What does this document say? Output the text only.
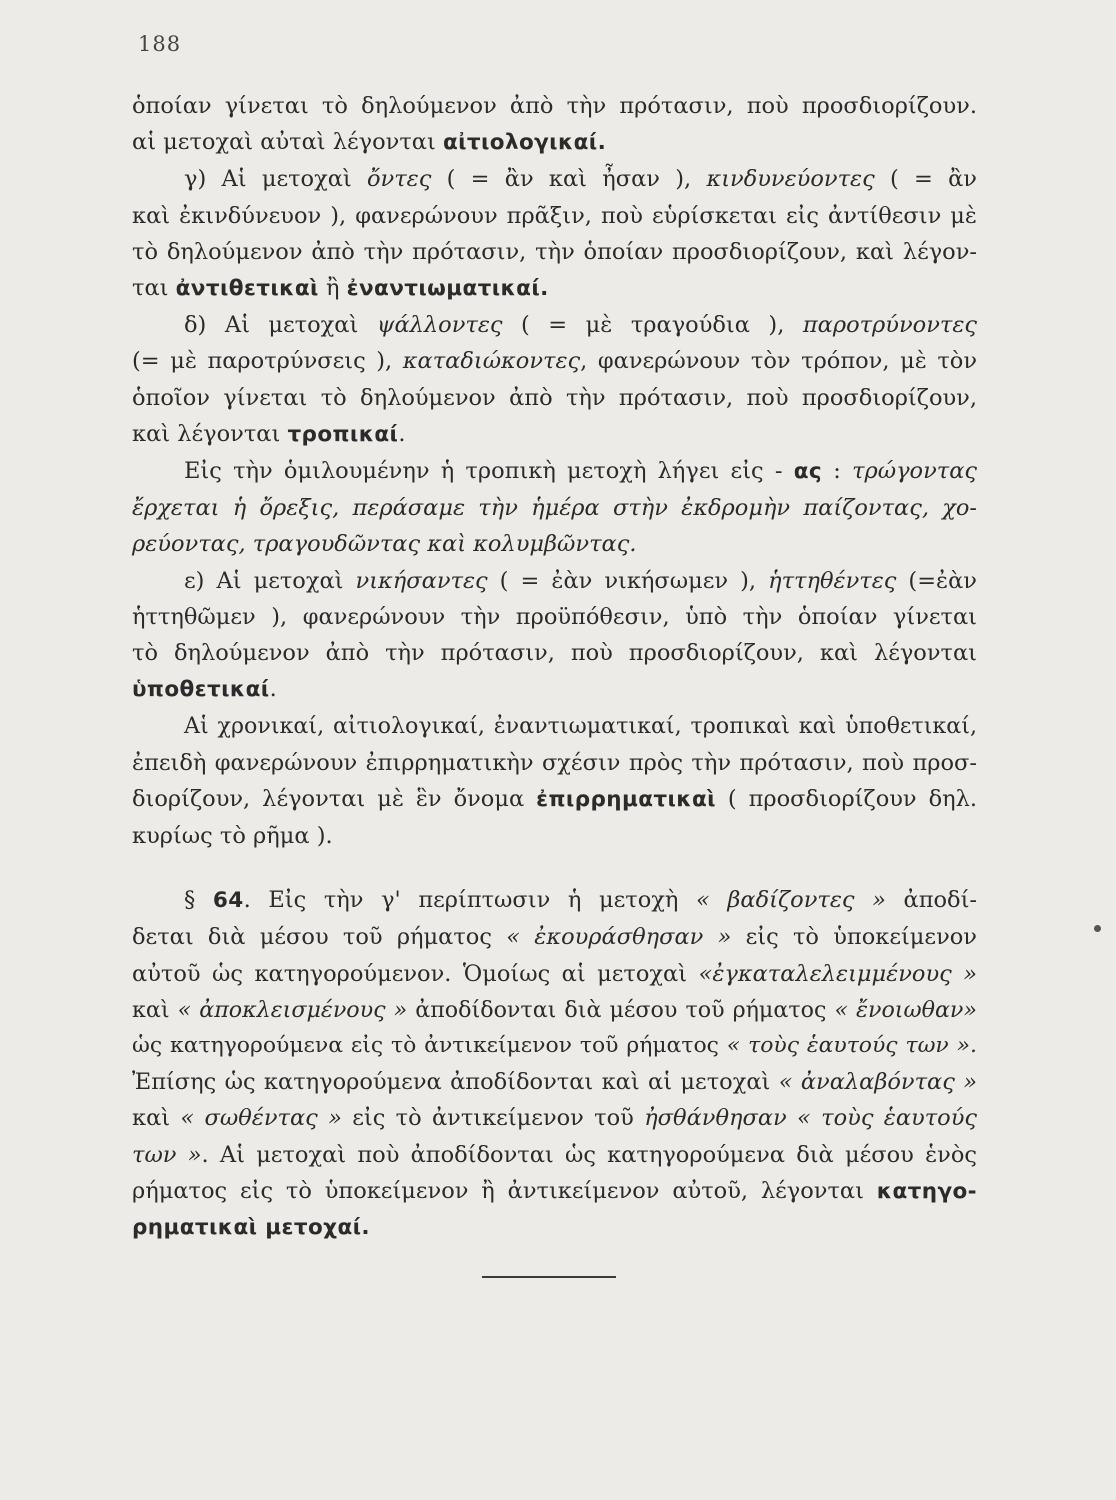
188
ὁποίαν γίνεται τὸ δηλούμενον ἀπὸ τὴν πρότασιν, ποὺ προσδιορίζουν.
αἱ μετοχαὶ αὐταὶ λέγονται αἰτιολογικαί.
γ) Αἱ μετοχαὶ ὄντες ( = ἂν καὶ ἦσαν ), κινδυνεύοντες ( = ἂν
καὶ ἐκινδύνευον ), φανερώνουν πρᾶξιν, ποὺ εὑρίσκεται εἰς ἀντίθεσιν μὲ
τὸ δηλούμενον ἀπὸ τὴν πρότασιν, τὴν ὁποίαν προσδιορίζουν, καὶ λέγον-
ται ἀντιθετικαὶ ἢ ἐναντιωματικαί.
δ) Αἱ μετοχαὶ ψάλλοντες ( = μὲ τραγούδια ), παροτρύνοντες
(= μὲ παροτρύνσεις ), καταδιώκοντες, φανερώνουν τὸν τρόπον, μὲ τὸν
ὁποῖον γίνεται τὸ δηλούμενον ἀπὸ τὴν πρότασιν, ποὺ προσδιορίζουν,
καὶ λέγονται τροπικαί.
Εἰς τὴν ὁμιλουμένην ἡ τροπικὴ μετοχὴ λήγει εἰς - ας : τρώγοντας
ἔρχεται ἡ ὄρεξις, περάσαμε τὴν ἡμέρα στὴν ἐκδρομὴν παίζοντας, χο-
ρεύοντας, τραγουδῶντας καὶ κολυμβῶντας.
ε) Αἱ μετοχαὶ νικήσαντες ( = ἐὰν νικήσωμεν ), ἡττηθέντες (=ἐὰν
ἡττηθῶμεν ), φανερώνουν τὴν προϋπόθεσιν, ὑπὸ τὴν ὁποίαν γίνεται
τὸ δηλούμενον ἀπὸ τὴν πρότασιν, ποὺ προσδιορίζουν, καὶ λέγονται
ὑποθετικαί.
Αἱ χρονικαί, αἰτιολογικαί, ἐναντιωματικαί, τροπικαὶ καὶ ὑποθετικαί,
ἐπειδὴ φανερώνουν ἐπιρρηματικὴν σχέσιν πρὸς τὴν πρότασιν, ποὺ προσ-
διορίζουν, λέγονται μὲ ἓν ὄνομα ἐπιρρηματικαὶ ( προσδιορίζουν δηλ.
κυρίως τὸ ρῆμα ).
§ 64. Εἰς τὴν γ' περίπτωσιν ἡ μετοχὴ « βαδίζοντες » ἀποδί-
δεται διὰ μέσου τοῦ ρήματος « ἐκουράσθησαν » εἰς τὸ ὑποκείμενον
αὐτοῦ ὡς κατηγορούμενον. Ὁμοίως αἱ μετοχαὶ «ἐγκαταλελειμμένους »
καὶ « ἀποκλεισμένους » ἀποδίδονται διὰ μέσου τοῦ ρήματος « ἔνοιωθαν»
ὡς κατηγορούμενα εἰς τὸ ἀντικείμενον τοῦ ρήματος « τοὺς ἑαυτούς των ».
Ἐπίσης ὡς κατηγορούμενα ἀποδίδονται καὶ αἱ μετοχαὶ « ἀναλαβόντας »
καὶ « σωθέντας » εἰς τὸ ἀντικείμενον τοῦ ἠσθάνθησαν « τοὺς ἑαυτούς
των ». Αἱ μετοχαὶ ποὺ ἀποδίδονται ὡς κατηγορούμενα διὰ μέσου ἑνὸς
ρήματος εἰς τὸ ὑποκείμενον ἢ ἀντικείμενον αὐτοῦ, λέγονται κατηγο-
ρηματικαὶ μετοχαί.
